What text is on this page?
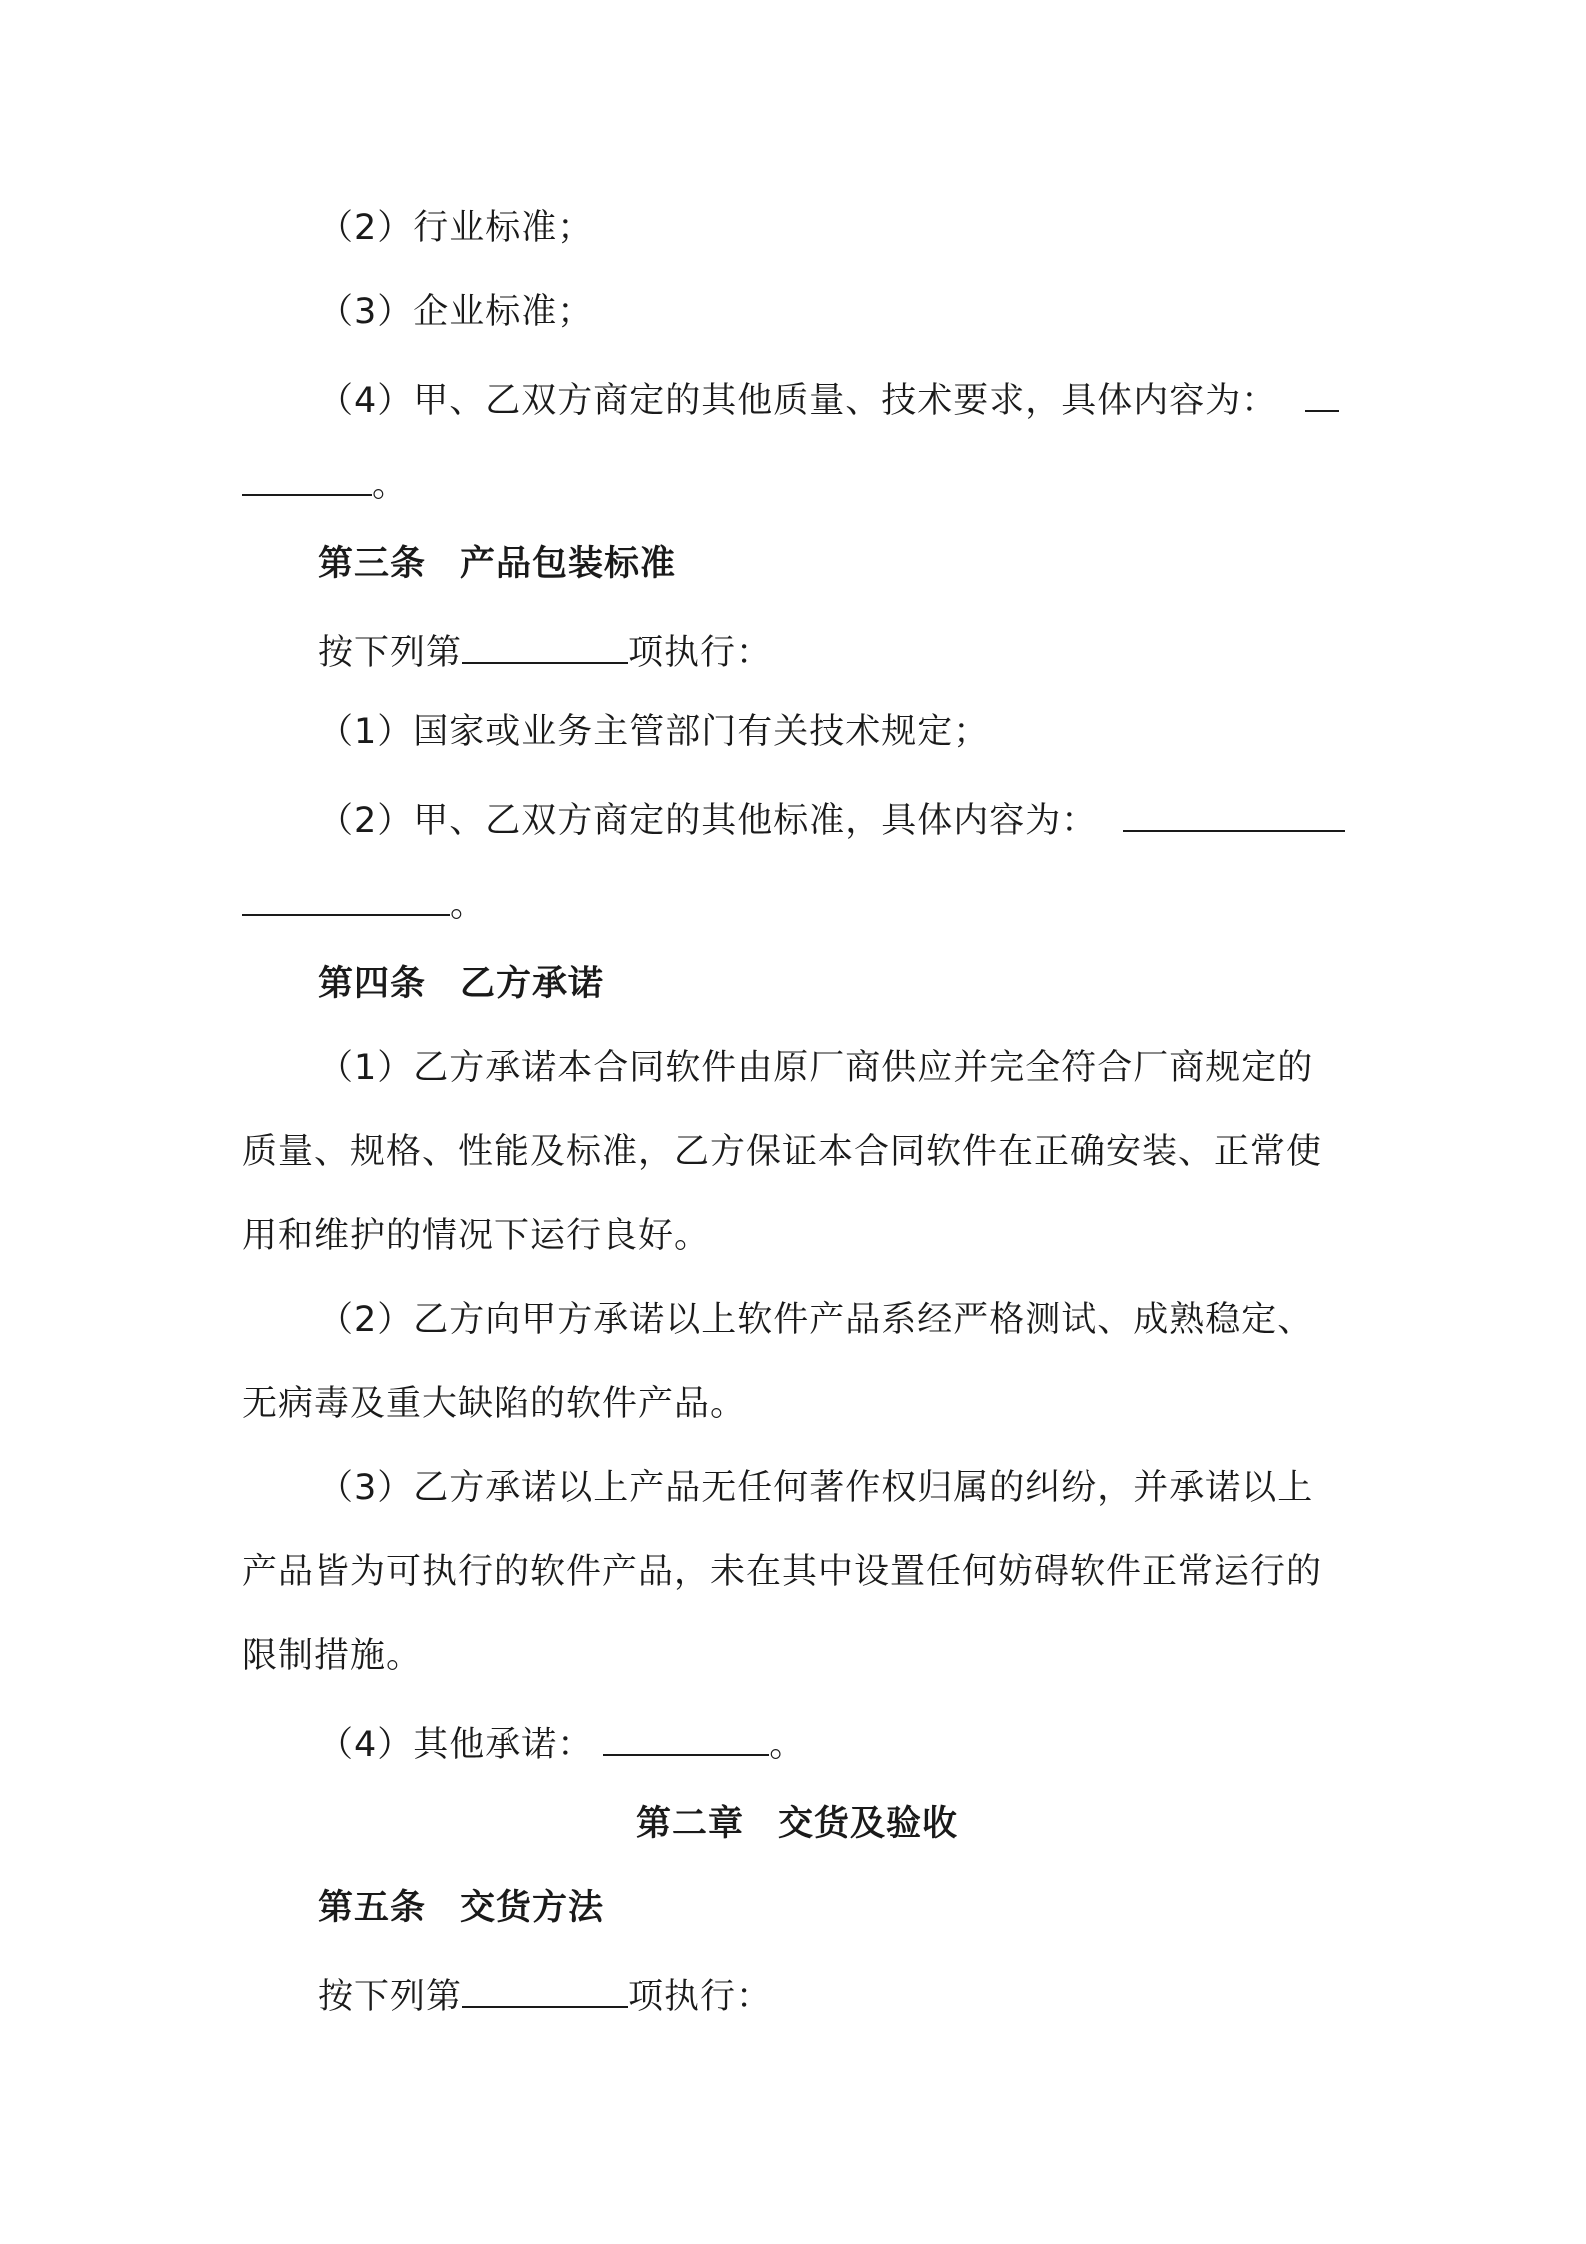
（2）行业标准；
（3）企业标准；
（4）甲、乙双方商定的其他质量、技术要求，具体内容为：
。
第三条 产品包装标准
按下列第	项执行：
（1）国家或业务主管部门有关技术规定；
（2）甲、乙双方商定的其他标准，具体内容为：
。
第四条 乙方承诺
（1）乙方承诺本合同软件由原厂商供应并完全符合厂商规定的
质量、规格、性能及标准，乙方保证本合同软件在正确安装、正常使
用和维护的情况下运行良好。
（2）乙方向甲方承诺以上软件产品系经严格测试、成熟稳定、
无病毒及重大缺陷的软件产品。
（3）乙方承诺以上产品无任何著作权归属的纠纷，并承诺以上
产品皆为可执行的软件产品，未在其中设置任何妨碍软件正常运行的
限制措施。
（4）其他承诺：	。
第二章 交货及验收
第五条 交货方法
按下列第	项执行：
